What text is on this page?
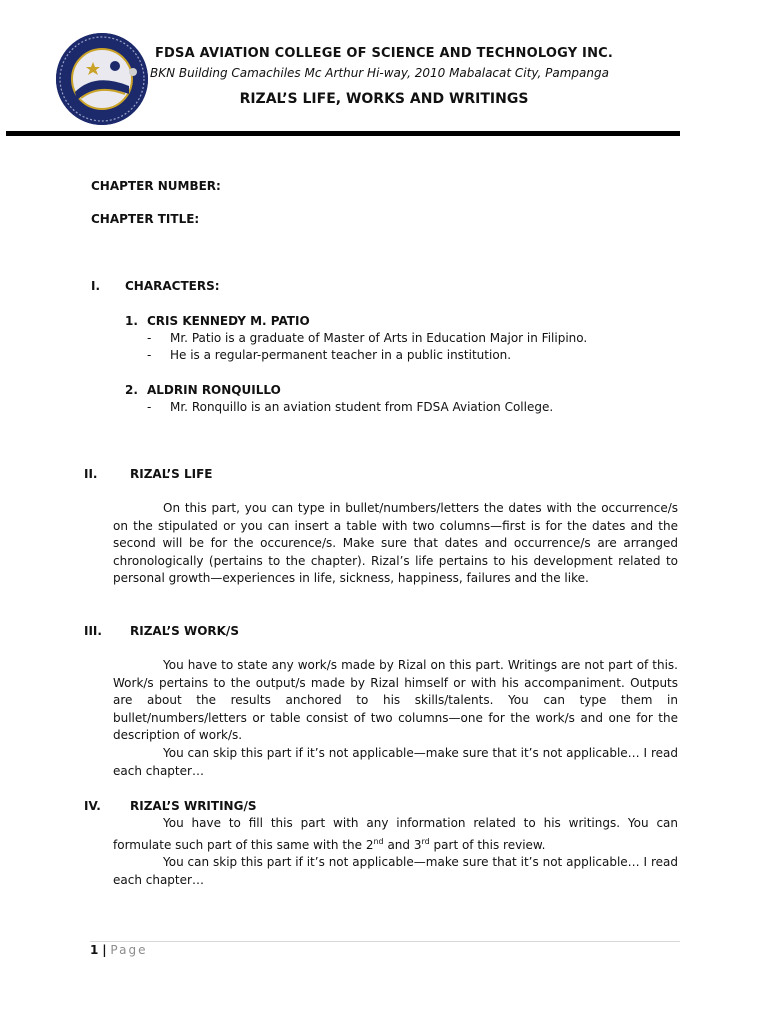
FDSA AVIATION COLLEGE OF SCIENCE AND TECHNOLOGY INC.
BKN Building Camachiles Mc Arthur Hi-way, 2010 Mabalacat City, Pampanga
RIZAL’S LIFE, WORKS AND WRITINGS
CHAPTER NUMBER:
CHAPTER TITLE:
I. CHARACTERS:
1. CRIS KENNEDY M. PATIO
- Mr. Patio is a graduate of Master of Arts in Education Major in Filipino.
- He is a regular-permanent teacher in a public institution.
2. ALDRIN RONQUILLO
- Mr. Ronquillo is an aviation student from FDSA Aviation College.
II.	RIZAL’S LIFE

On this part, you can type in bullet/numbers/letters the dates with the occurrence/s on the stipulated or you can insert a table with two columns—first is for the dates and the second will be for the occurence/s. Make sure that dates and occurrence/s are arranged chronologically (pertains to the chapter). Rizal’s life pertains to his development related to personal growth—experiences in life, sickness, happiness, failures and the like.

III. RIZAL’S WORK/S

You have to state any work/s made by Rizal on this part. Writings are not part of this. Work/s pertains to the output/s made by Rizal himself or with his accompaniment. Outputs are about the results anchored to his skills/talents. You can type them in bullet/numbers/letters or table consist of two columns—one for the work/s and one for the description of work/s.

You can skip this part if it’s not applicable—make sure that it’s not applicable… I read each chapter…

IV. RIZAL’S WRITING/S

You have to fill this part with any information related to his writings. You can formulate such part of this same with the 2nd and 3rd part of this review.

You can skip this part if it’s not applicable—make sure that it’s not applicable… I read each chapter…

1 | Page
